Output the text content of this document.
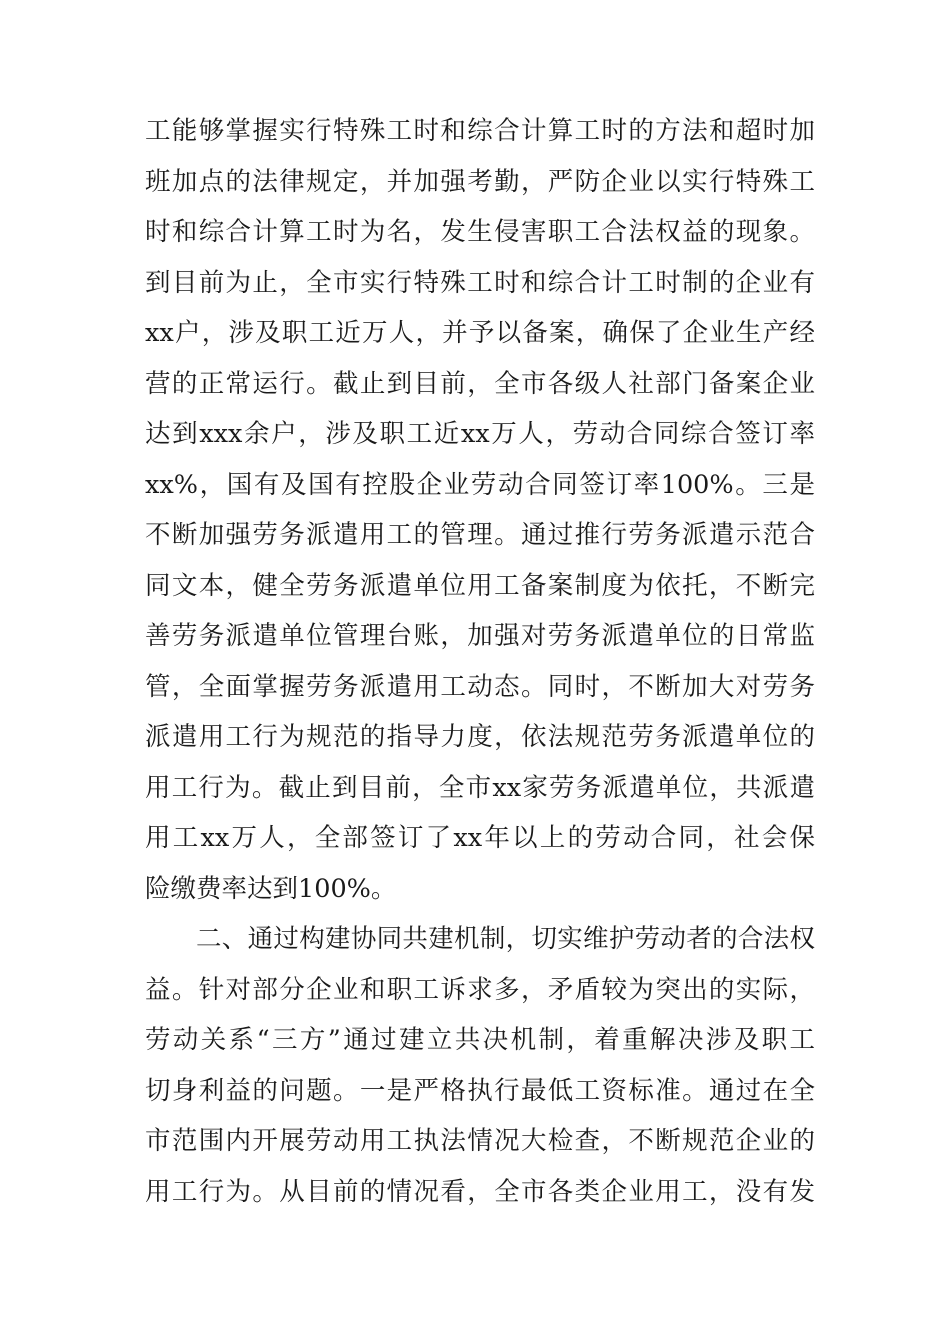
工能够掌握实行特殊工时和综合计算工时的方法和超时加
班加点的法律规定，并加强考勤，严防企业以实行特殊工
时和综合计算工时为名，发生侵害职工合法权益的现象。
到目前为止，全市实行特殊工时和综合计工时制的企业有
xx户，涉及职工近万人，并予以备案，确保了企业生产经
营的正常运行。截止到目前，全市各级人社部门备案企业
达到xxx余户，涉及职工近xx万人，劳动合同综合签订率
xx%，国有及国有控股企业劳动合同签订率100%。三是
不断加强劳务派遣用工的管理。通过推行劳务派遣示范合
同文本，健全劳务派遣单位用工备案制度为依托，不断完
善劳务派遣单位管理台账，加强对劳务派遣单位的日常监
管，全面掌握劳务派遣用工动态。同时，不断加大对劳务
派遣用工行为规范的指导力度，依法规范劳务派遣单位的
用工行为。截止到目前，全市xx家劳务派遣单位，共派遣
用工xx万人，全部签订了xx年以上的劳动合同，社会保
险缴费率达到100%。
二、通过构建协同共建机制，切实维护劳动者的合法权
益。针对部分企业和职工诉求多，矛盾较为突出的实际，
劳动关系“三方”通过建立共决机制，着重解决涉及职工
切身利益的问题。一是严格执行最低工资标准。通过在全
市范围内开展劳动用工执法情况大检查，不断规范企业的
用工行为。从目前的情况看，全市各类企业用工，没有发
